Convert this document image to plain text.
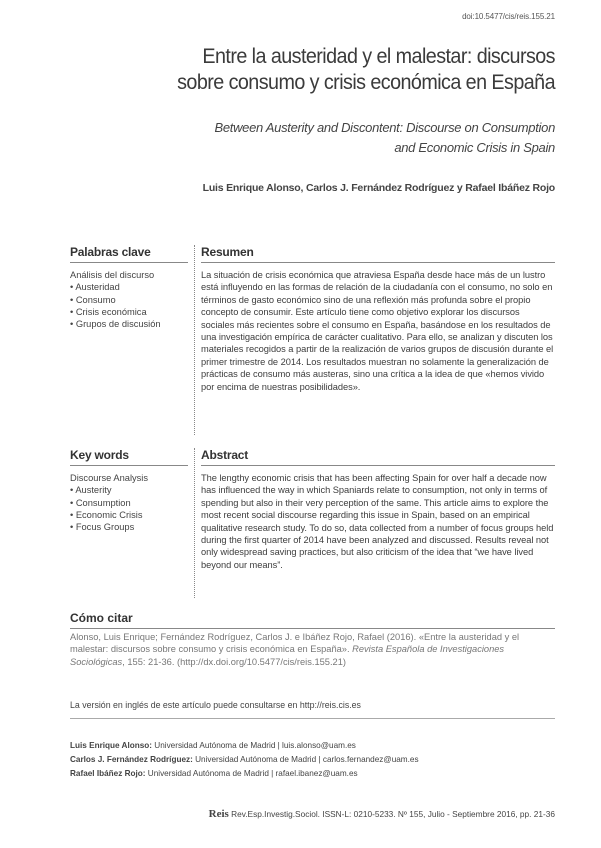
doi:10.5477/cis/reis.155.21
Entre la austeridad y el malestar: discursos
sobre consumo y crisis económica en España
Between Austerity and Discontent: Discourse on Consumption
and Economic Crisis in Spain
Luis Enrique Alonso, Carlos J. Fernández Rodríguez y Rafael Ibáñez Rojo
Palabras clave
Análisis del discurso
• Austeridad
• Consumo
• Crisis económica
• Grupos de discusión
Resumen
La situación de crisis económica que atraviesa España desde hace más de un lustro está influyendo en las formas de relación de la ciudadanía con el consumo, no solo en términos de gasto económico sino de una reflexión más profunda sobre el propio concepto de consumir. Este artículo tiene como objetivo explorar los discursos sociales más recientes sobre el consumo en España, basándose en los resultados de una investigación empírica de carácter cualitativo. Para ello, se analizan y discuten los materiales recogidos a partir de la realización de varios grupos de discusión durante el primer trimestre de 2014. Los resultados muestran no solamente la generalización de prácticas de consumo más austeras, sino una crítica a la idea de que «hemos vivido por encima de nuestras posibilidades».
Key words
Discourse Analysis
• Austerity
• Consumption
• Economic Crisis
• Focus Groups
Abstract
The lengthy economic crisis that has been affecting Spain for over half a decade now has influenced the way in which Spaniards relate to consumption, not only in terms of spending but also in their very perception of the same. This article aims to explore the most recent social discourse regarding this issue in Spain, based on an empirical qualitative research study. To do so, data collected from a number of focus groups held during the first quarter of 2014 have been analyzed and discussed. Results reveal not only widespread saving practices, but also criticism of the idea that “we have lived beyond our means”.
Cómo citar
Alonso, Luis Enrique; Fernández Rodríguez, Carlos J. e Ibáñez Rojo, Rafael (2016). «Entre la austeridad y el malestar: discursos sobre consumo y crisis económica en España». Revista Española de Investigaciones Sociológicas, 155: 21-36. (http://dx.doi.org/10.5477/cis/reis.155.21)
La versión en inglés de este artículo puede consultarse en http://reis.cis.es
Luis Enrique Alonso: Universidad Autónoma de Madrid | luis.alonso@uam.es
Carlos J. Fernández Rodríguez: Universidad Autónoma de Madrid | carlos.fernandez@uam.es
Rafael Ibáñez Rojo: Universidad Autónoma de Madrid | rafael.ibanez@uam.es
Reis Rev.Esp.Investig.Sociol. ISSN-L: 0210-5233. Nº 155, Julio - Septiembre 2016, pp. 21-36
